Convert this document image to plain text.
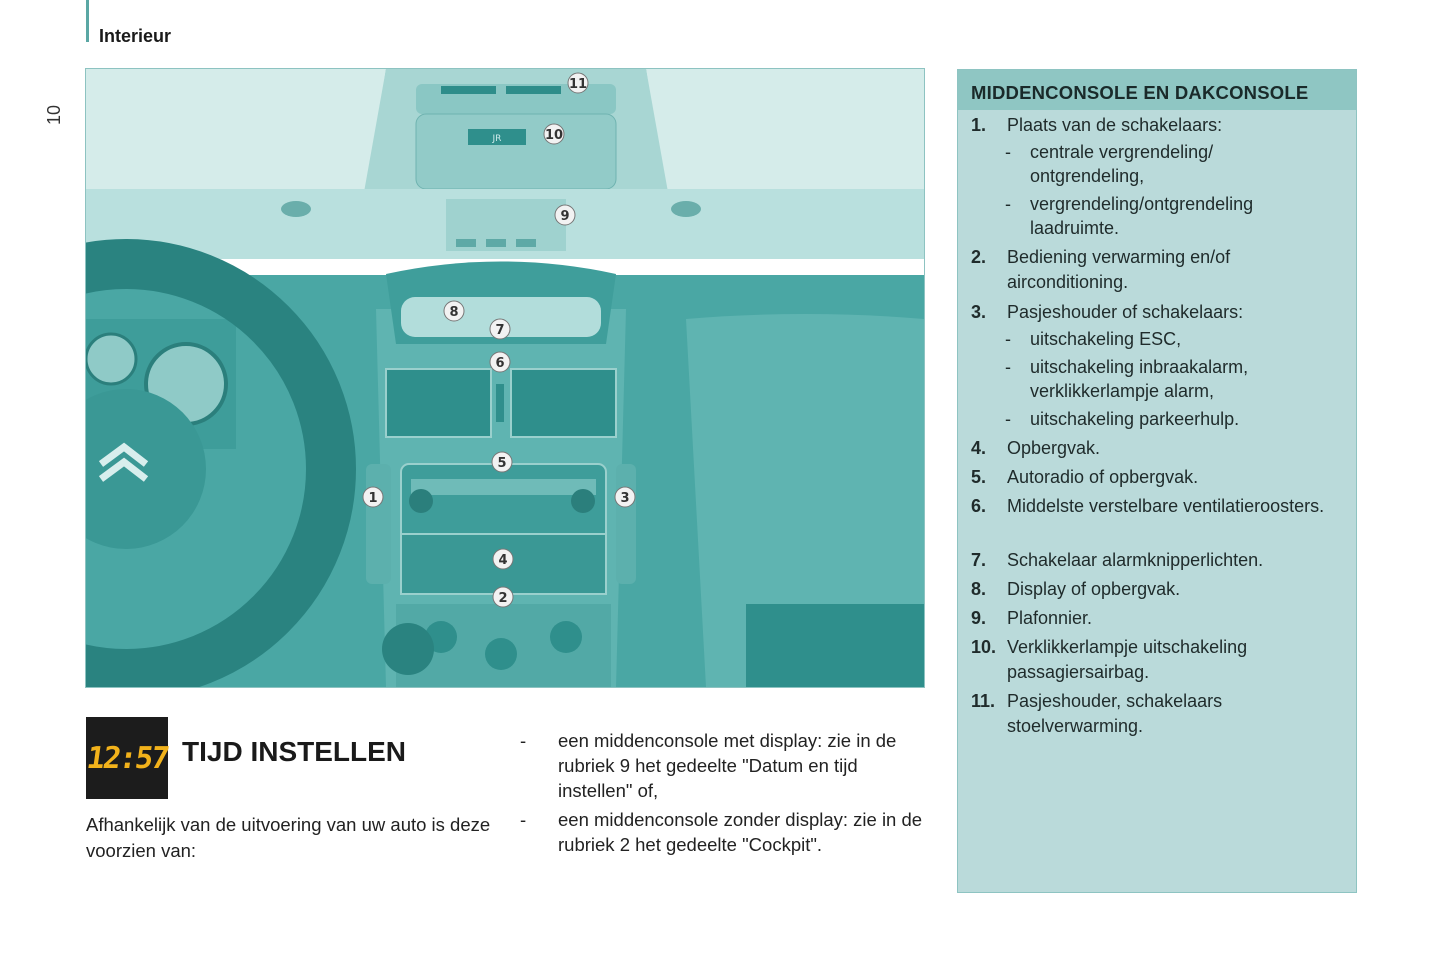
Interieur
10
JR
11
10
9
8
7
6
5
1	3
4
2
MIDDENCONSOLE EN DAKCONSOLE
1. Plaats van de schakelaars:
- centrale vergrendeling/ ontgrendeling,
- vergrendeling/ontgrendeling laadruimte.
2. Bediening verwarming en/of airconditioning.
3. Pasjeshouder of schakelaars:
- uitschakeling ESC,
- uitschakeling inbraakalarm, verklikkerlampje alarm,
- uitschakeling parkeerhulp.
4. Opbergvak.
5. Autoradio of opbergvak.
6. Middelste verstelbare ventilatieroosters.
7. Schakelaar alarmknipperlichten.
8. Display of opbergvak.
9. Plafonnier.
10. Verklikkerlampje uitschakeling passagiersairbag.
11. Pasjeshouder, schakelaars stoelverwarming.
12:57 TIJD INSTELLEN
Afhankelijk van de uitvoering van uw auto is deze voorzien van:
- een middenconsole met display: zie in de rubriek 9 het gedeelte "Datum en tijd instellen" of,
- een middenconsole zonder display: zie in de rubriek 2 het gedeelte "Cockpit".
